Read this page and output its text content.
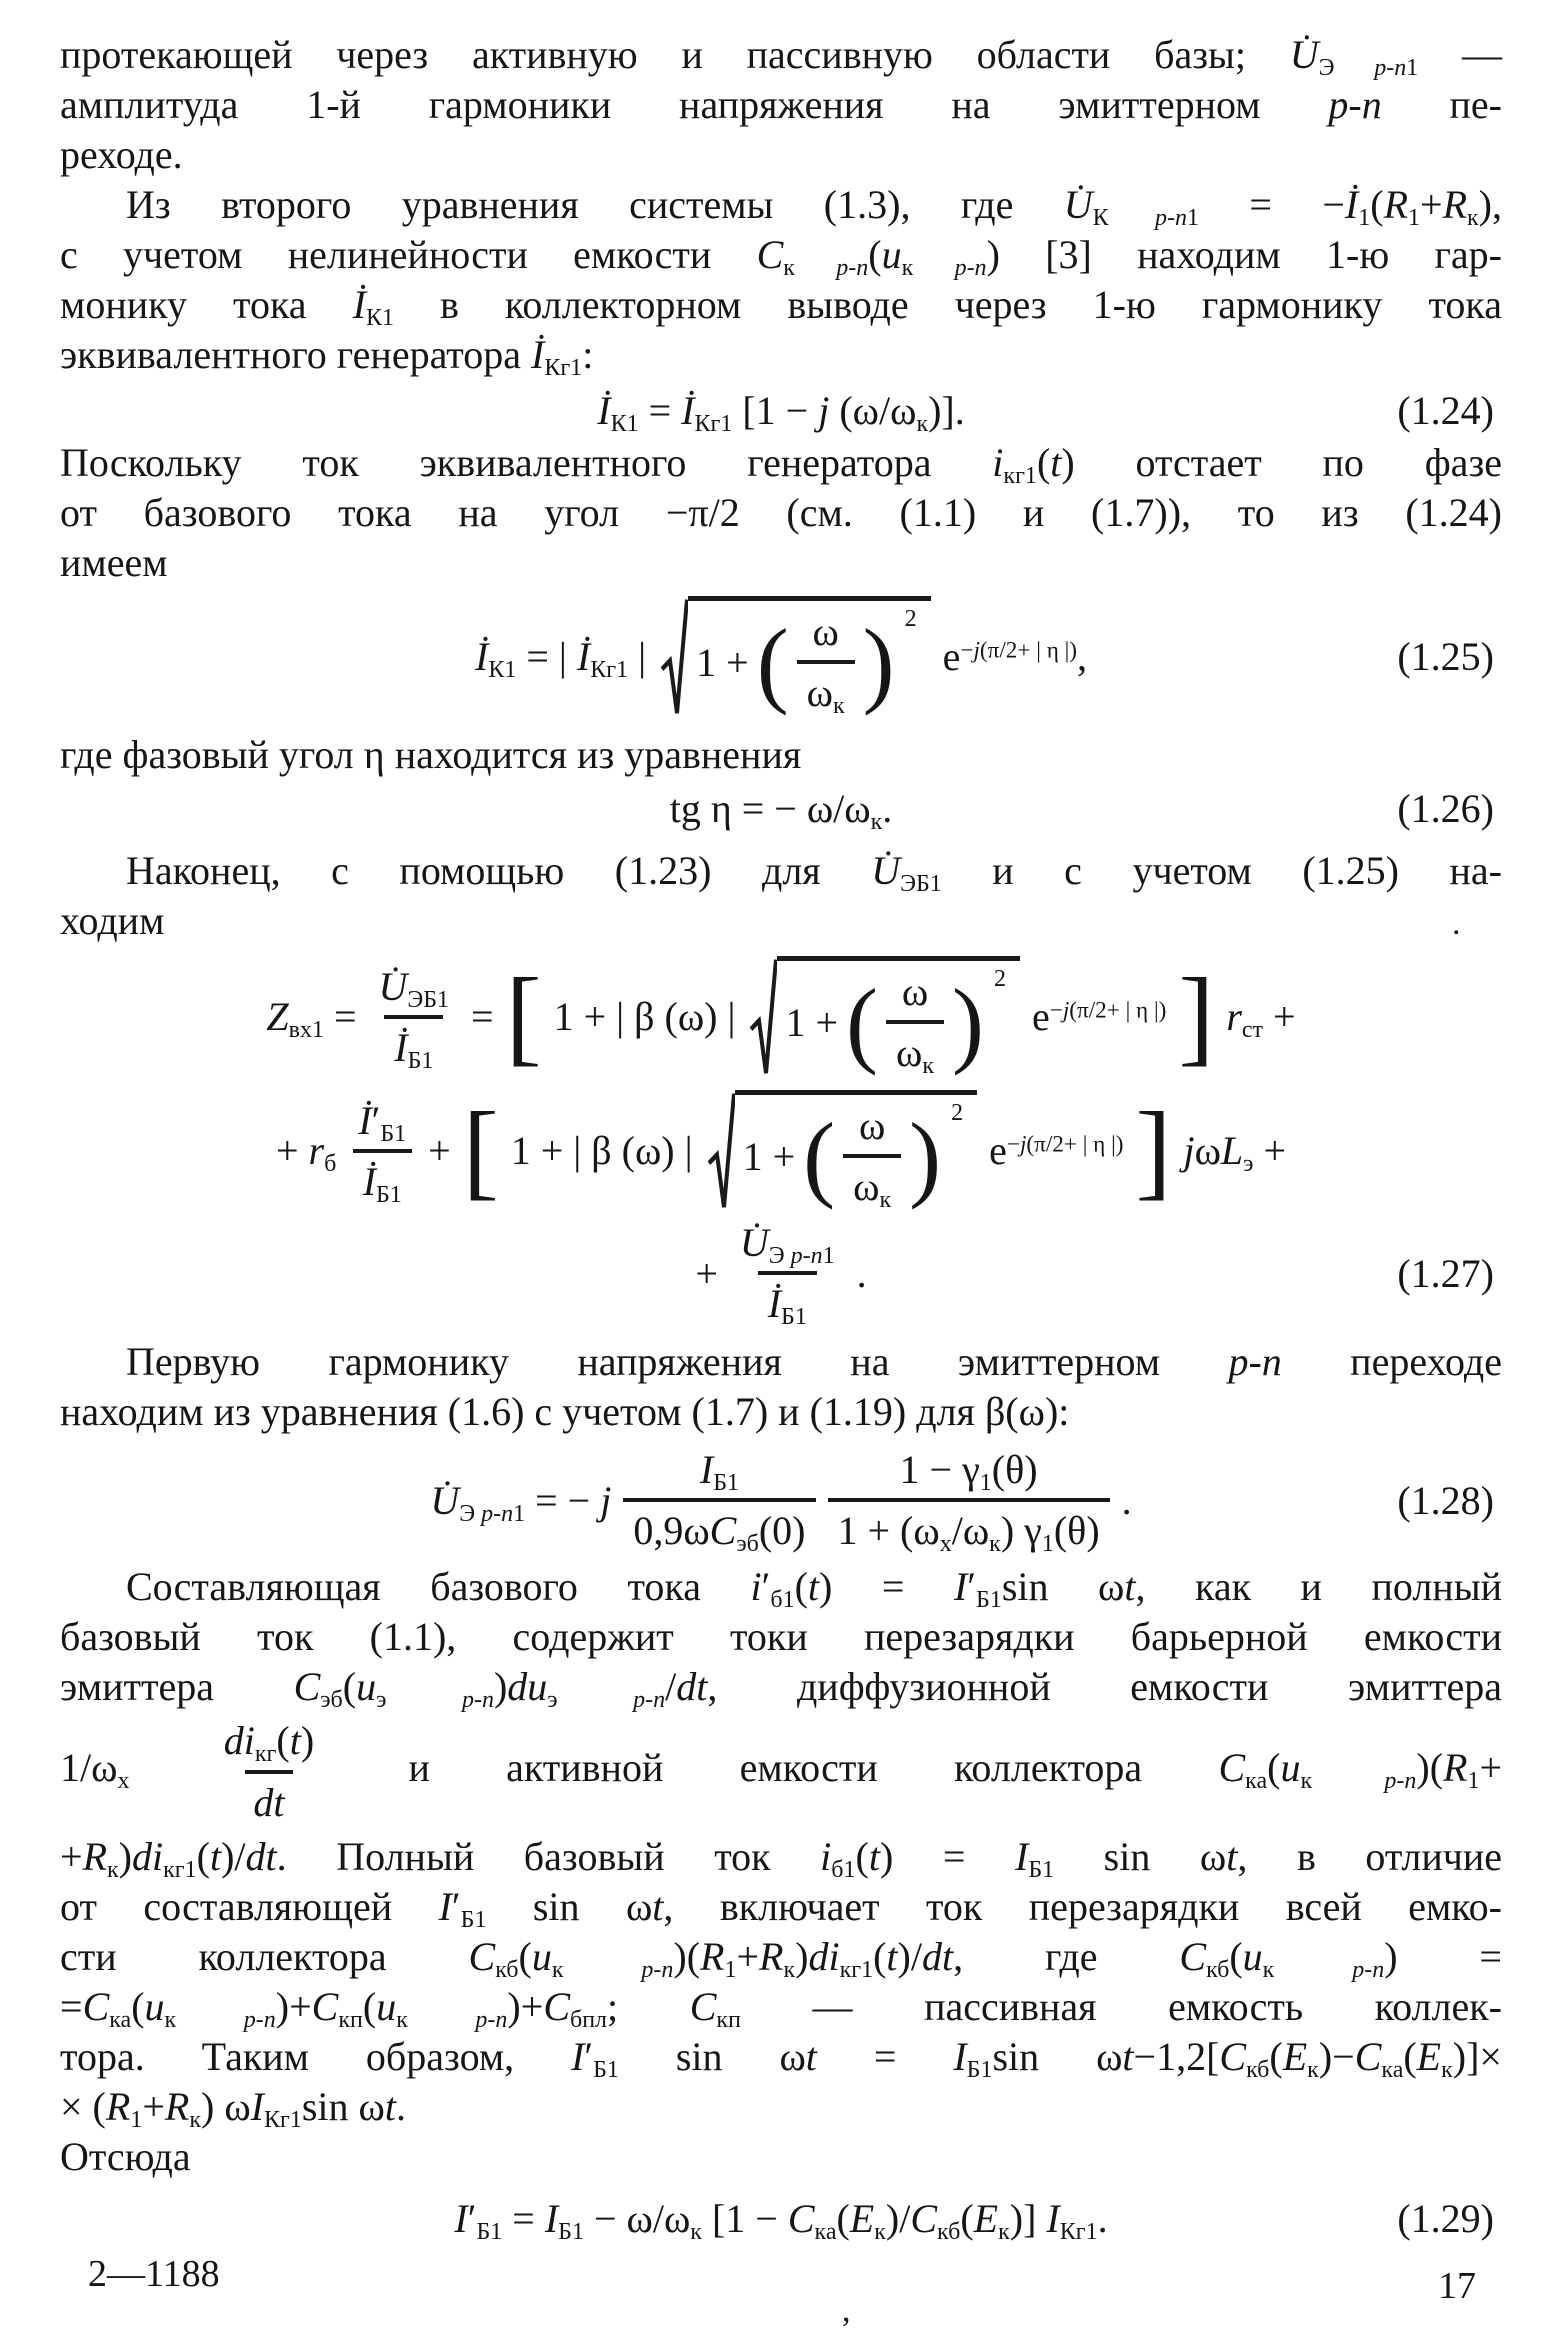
протекающей через активную и пассивную области базы; $U̇_{Э p-n1}$ —
амплитуда 1-й гармоники напряжения на эмиттерном p-n пе-
реходе.
Из второго уравнения системы (1.3), где $U̇_{К p-n1}$ = $-İ_1(R_1+R_к)$,
с учетом нелинейности емкости $C_{к p-n}(u_{к p-n})$ [3] находим 1-ю гар-
монику тока $İ_{К1}$ в коллекторном выводе через 1-ю гармонику тока
эквивалентного генератора $İ_{Кг1}$:
$İ_{К1}$ = $İ_{Кг1}$ [1 − j $(\omega/\omega_к)$].	(1.24)
Поскольку ток эквивалентного генератора $i_{кг1}(t)$ отстает по фазе
от базового тока на угол −π/2 (см. (1.1) и (1.7)), то из (1.24)
имеем
$İ_{К1}$ = | $İ_{Кг1}$ | 1 + ( $\frac{\omega}{\omega_к}$ ) 2
$e^{-j(\pi/2+ | \eta |)}$,	(1.25)
где фазовый угол η находится из уравнения
tg η = − $\omega/\omega_к$.	(1.26)
Наконец, с помощью (1.23) для $U̇_{ЭБ1}$ и с учетом (1.25) на-
ходим
$Z_{вх1} = \frac{U̇_{ЭБ1}}{İ_{Б1}}$ = [ 1 + | β (ω) | 1 + ( $\frac{\omega}{\omega_к}$ ) 2
$e^{-j(\pi/2+ | \eta |)}$ ] $r_{ст}$ +
+ $r_б \frac{İ'_{Б1}}{İ_{Б1}}$ + [ 1 + | β (ω) | 1 + ( $\frac{\omega}{\omega_к}$ ) 2
$e^{-j(\pi/2+ | \eta |)}$ ] jωL$_э$ +
+ $\frac{U̇_{Э p-n1}}{İ_{Б1}}$ .	(1.27)
Первую гармонику напряжения на эмиттерном p-n переходе
находим из уравнения (1.6) с учетом (1.7) и (1.19) для β(ω):
$U̇_{Э p-n1}$ = − j $\frac{I_{Б1}}{0,9\omega C_{эб}(0)} \frac{1 - \gamma_1(\theta)}{1 + (\omega_х/\omega_к) \gamma_1(\theta)}$ .	(1.28)
Составляющая базового тока $i'_{б1}(t) = I'_{Б1}\sin$ ωt, как и полный
базовый ток (1.1), содержит токи перезарядки барьерной емкости
эмиттера $C_{эб}(u_{э p-n})du_{э p-n}/dt$, диффузионной емкости эмиттера
$1/\omega_х \frac{di_{кг}(t)}{dt}$ и активной емкости коллектора $C_{ка}(u_{к p-n})(R_1+$
$+R_к)di_{кг1}(t)/dt$. Полный базовый ток $i_{б1}(t) = I_{Б1}$ sin ωt, в отличие
от составляющей $I'_{Б1}$ sin ωt, включает ток перезарядки всей емко-
сти коллектора $C_{кб}(u_{к p-n})(R_1+R_к)di_{кг1}(t)/dt$, где $C_{кб}(u_{к p-n})$ =
$=C_{ка}(u_{к p-n})+C_{кп}(u_{к p-n})+C_{бпл}$; $C_{кп}$ — пассивная емкость коллек-
тора. Таким образом, $I'_{Б1}$ $\sin \omega t = I_{Б1}\sin$ $\omega t-1,2[C_{кб}(E_к)-C_{ка}(E_к)]\times$
× $(R_1+R_к)$ $\omega I_{Кг1}\sin$ ωt.
Отсюда
$I'_{Б1} = I_{Б1} - \omega/\omega_к$ $[1 - C_{ка}(E_к)/C_{кб}(E_к)]$ $I_{Кг1}$.	(1.29)
2—1188	17
,
.
